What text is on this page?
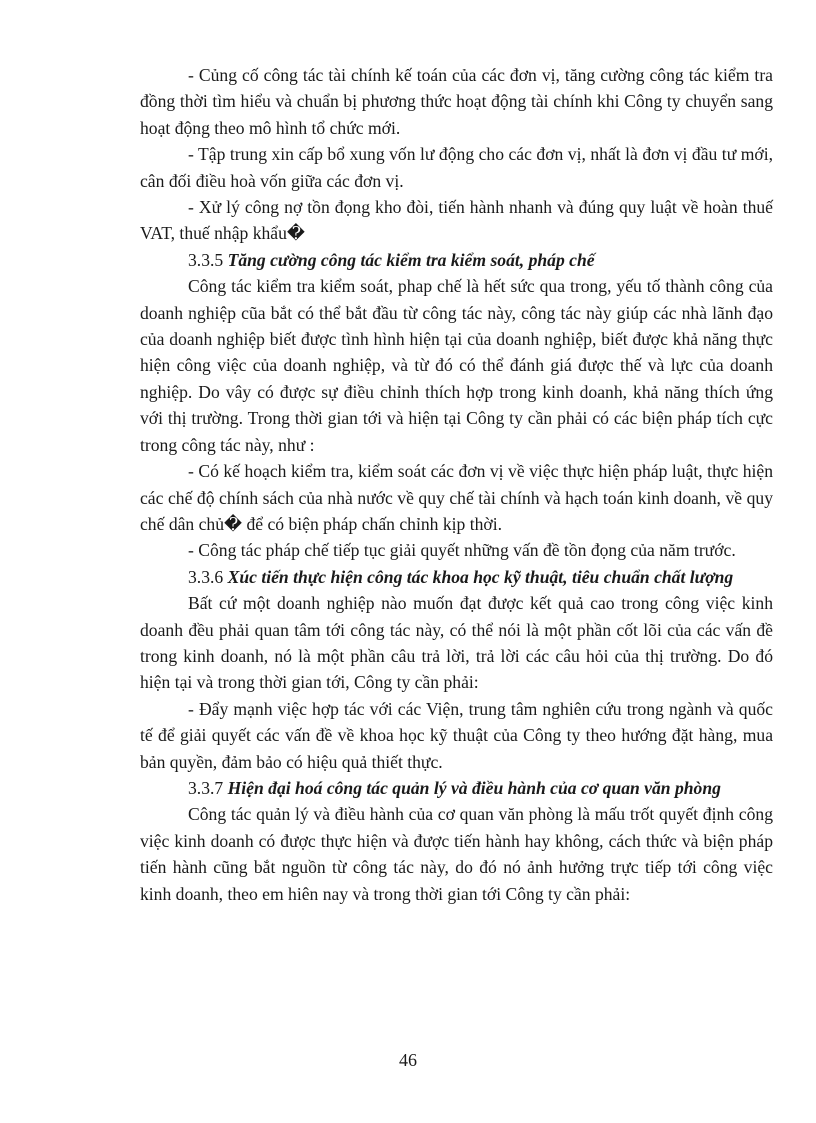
- Củng cố công tác tài chính kế toán của các đơn vị, tăng cường công tác kiểm tra đồng thời tìm hiểu và chuẩn bị phương thức hoạt động tài chính khi Công ty chuyển sang hoạt động theo mô hình tổ chức mới.

- Tập trung xin cấp bổ xung vốn lư động cho các đơn vị, nhất là đơn vị đầu tư mới, cân đối điều hoà vốn giữa các đơn vị.

- Xử lý công nợ tồn đọng kho đòi, tiến hành nhanh và đúng quy luật về hoàn thuế VAT, thuế nhập khẩu�

3.3.5 Tăng cường công tác kiểm tra kiểm soát, pháp chế

Công tác kiểm tra kiểm soát, phap chế là hết sức qua trong, yếu tố thành công của doanh nghiệp cũa bắt có thể bắt đầu từ công tác này, công tác này giúp các nhà lãnh đạo của doanh nghiệp biết được tình hình hiện tại của doanh nghiệp, biết được khả năng thực hiện công việc của doanh nghiệp, và từ đó có thể đánh giá được thế và lực của doanh nghiệp. Do vây có được sự điều chỉnh thích hợp trong kinh doanh, khả năng thích ứng với thị trường. Trong thời gian tới và hiện tại Công ty cần phải có các biện pháp tích cực trong công tác này, như :

- Có kế hoạch kiểm tra, kiểm soát các đơn vị về việc thực hiện pháp luật, thực hiện các chế độ chính sách của nhà nước về quy chế tài chính và hạch toán kinh doanh, về quy chế dân chủ� để có biện pháp chấn chỉnh kịp thời.

- Công tác pháp chế tiếp tục giải quyết những vấn đề tồn đọng của năm trước.

3.3.6 Xúc tiến thực hiện công tác khoa học kỹ thuật, tiêu chuẩn chất lượng

Bất cứ một doanh nghiệp nào muốn đạt được kết quả cao trong công việc kinh doanh đều phải quan tâm tới công tác này, có thể nói là một phần cốt lõi của các vấn đề trong kinh doanh, nó là một phần câu trả lời, trả lời các câu hỏi của thị trường. Do đó hiện tại và trong thời gian tới, Công ty cần phải:

- Đẩy mạnh việc hợp tác với các Viện, trung tâm nghiên cứu trong ngành và quốc tế để giải quyết các vấn đề về khoa học kỹ thuật của Công ty theo hướng đặt hàng, mua bản quyền, đảm bảo có hiệu quả thiết thực.

3.3.7 Hiện đại hoá công tác quản lý và điều hành của cơ quan văn phòng

Công tác quản lý và điều hành của cơ quan văn phòng là mấu trốt quyết định công việc kinh doanh có được thực hiện và được tiến hành hay không, cách thức và biện pháp tiến hành cũng bắt nguồn từ công tác này, do đó nó ảnh hưởng trực tiếp tới công việc kinh doanh, theo em hiên nay và trong thời gian tới Công ty cần phải:

46
